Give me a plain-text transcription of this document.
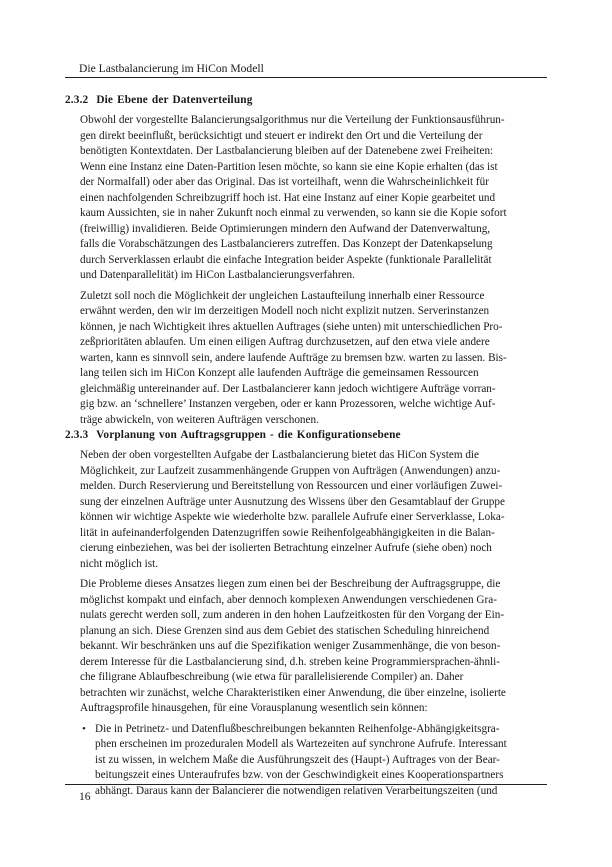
Die Lastbalancierung im HiCon Modell
2.3.2 Die Ebene der Datenverteilung

Obwohl der vorgestellte Balancierungsalgorithmus nur die Verteilung der Funktionsausführun-
gen direkt beeinflußt, berücksichtigt und steuert er indirekt den Ort und die Verteilung der
benötigten Kontextdaten. Der Lastbalancierung bleiben auf der Datenebene zwei Freiheiten:
Wenn eine Instanz eine Daten-Partition lesen möchte, so kann sie eine Kopie erhalten (das ist
der Normalfall) oder aber das Original. Das ist vorteilhaft, wenn die Wahrscheinlichkeit für
einen nachfolgenden Schreibzugriff hoch ist. Hat eine Instanz auf einer Kopie gearbeitet und
kaum Aussichten, sie in naher Zukunft noch einmal zu verwenden, so kann sie die Kopie sofort
(freiwillig) invalidieren. Beide Optimierungen mindern den Aufwand der Datenverwaltung,
falls die Vorabschätzungen des Lastbalancierers zutreffen. Das Konzept der Datenkapselung
durch Serverklassen erlaubt die einfache Integration beider Aspekte (funktionale Parallelität
und Datenparallelität) im HiCon Lastbalancierungsverfahren.

Zuletzt soll noch die Möglichkeit der ungleichen Lastaufteilung innerhalb einer Ressource
erwähnt werden, den wir im derzeitigen Modell noch nicht explizit nutzen. Serverinstanzen
können, je nach Wichtigkeit ihres aktuellen Auftrages (siehe unten) mit unterschiedlichen Pro-
zeßprioritäten ablaufen. Um einen eiligen Auftrag durchzusetzen, auf den etwa viele andere
warten, kann es sinnvoll sein, andere laufende Aufträge zu bremsen bzw. warten zu lassen. Bis-
lang teilen sich im HiCon Konzept alle laufenden Aufträge die gemeinsamen Ressourcen
gleichmäßig untereinander auf. Der Lastbalancierer kann jedoch wichtigere Aufträge vorran-
gig bzw. an ‘schnellere’ Instanzen vergeben, oder er kann Prozessoren, welche wichtige Auf-
träge abwickeln, von weiteren Aufträgen verschonen.

2.3.3 Vorplanung von Auftragsgruppen - die Konfigurationsebene

Neben der oben vorgestellten Aufgabe der Lastbalancierung bietet das HiCon System die
Möglichkeit, zur Laufzeit zusammenhängende Gruppen von Aufträgen (Anwendungen) anzu-
melden. Durch Reservierung und Bereitstellung von Ressourcen und einer vorläufigen Zuwei-
sung der einzelnen Aufträge unter Ausnutzung des Wissens über den Gesamtablauf der Gruppe
können wir wichtige Aspekte wie wiederholte bzw. parallele Aufrufe einer Serverklasse, Loka-
lität in aufeinanderfolgenden Datenzugriffen sowie Reihenfolgeabhängigkeiten in die Balan-
cierung einbeziehen, was bei der isolierten Betrachtung einzelner Aufrufe (siehe oben) noch
nicht möglich ist.

Die Probleme dieses Ansatzes liegen zum einen bei der Beschreibung der Auftragsgruppe, die
möglichst kompakt und einfach, aber dennoch komplexen Anwendungen verschiedenen Gra-
nulats gerecht werden soll, zum anderen in den hohen Laufzeitkosten für den Vorgang der Ein-
planung an sich. Diese Grenzen sind aus dem Gebiet des statischen Scheduling hinreichend
bekannt. Wir beschränken uns auf die Spezifikation weniger Zusammenhänge, die von beson-
derem Interesse für die Lastbalancierung sind, d.h. streben keine Programmiersprachen-ähnli-
che filigrane Ablaufbeschreibung (wie etwa für parallelisierende Compiler) an. Daher
betrachten wir zunächst, welche Charakteristiken einer Anwendung, die über einzelne, isolierte
Auftragsprofile hinausgehen, für eine Vorausplanung wesentlich sein können:

• Die in Petrinetz- und Datenflußbeschreibungen bekannten Reihenfolge-Abhängigkeitsgra-
phen erscheinen im prozeduralen Modell als Wartezeiten auf synchrone Aufrufe. Interessant
ist zu wissen, in welchem Maße die Ausführungszeit des (Haupt-) Auftrages von der Bear-
beitungszeit eines Unteraufrufes bzw. von der Geschwindigkeit eines Kooperationspartners
abhängt. Daraus kann der Balancierer die notwendigen relativen Verarbeitungszeiten (und

16
